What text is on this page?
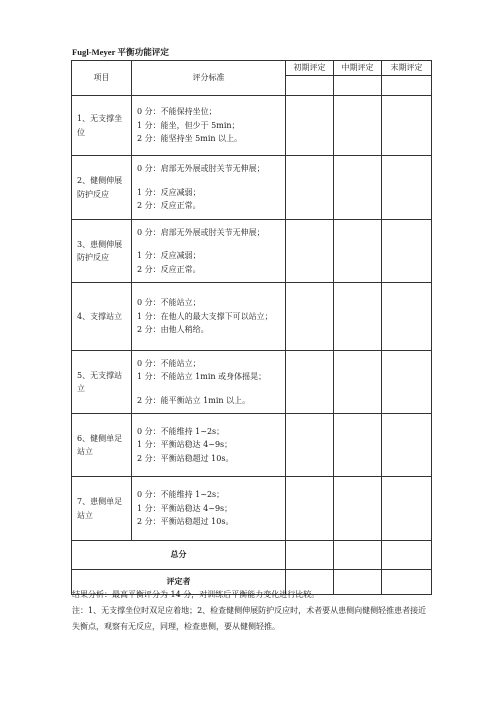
Fugl-Meyer 平衡功能评定
项目	评分标准	初期评定	中期评定	末期评定

1、无支撑坐位	0 分：不能保持坐位；
1 分：能坐，但少于 5min；
2 分：能坚持坐 5min 以上。			

2、健侧伸展防护反应	0 分：肩部无外展或肘关节无伸展；
1 分：反应减弱；
2 分：反应正常。			

3、患侧伸展防护反应	0 分：肩部无外展或肘关节无伸展；
1 分：反应减弱；
2 分：反应正常。			

4、支撑站立	0 分：不能站立；
1 分：在他人的最大支撑下可以站立；
2 分：由他人稍给。			

5、无支撑站立	0 分：不能站立；
1 分：不能站立 1min 或身体摇晃；
2 分：能平衡站立 1min 以上。			

6、健侧单足站立	0 分：不能维持 1~2s；
1 分：平衡站稳达 4~9s；
2 分：平衡站稳超过 10s。			

7、患侧单足站立	0 分：不能维持 1~2s；
1 分：平衡站稳达 4~9s；
2 分：平衡站稳超过 10s。			

总分				
评定者				

结果分析：最高平衡评分为 14 分，对训练后平衡能力变化进行比较。

注：1、无支撑坐位时双足应着地；2、检查健侧伸展防护反应时，术者要从患侧向健侧轻推患者接近失衡点，观察有无反应，同理，检查患侧，要从健侧轻推。
